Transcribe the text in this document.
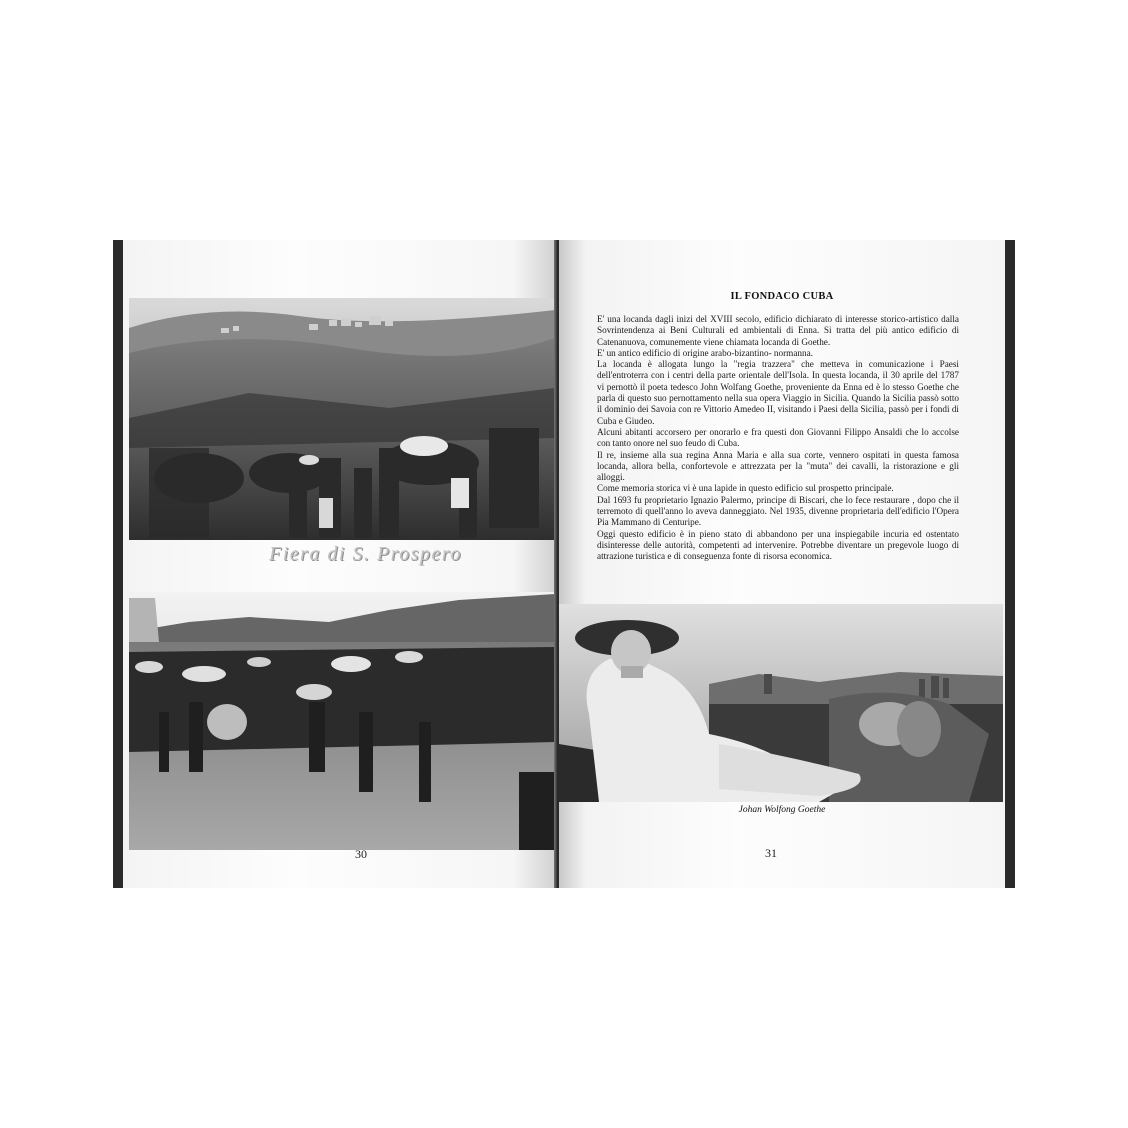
Fiera di S. Prospero
30
IL FONDACO CUBA

E' una locanda dagli inizi del XVIII secolo, edificio dichiarato di interesse storico-artistico dalla Sovrintendenza ai Beni Culturali ed ambientali di Enna. Si tratta del più antico edificio di Catenanuova, comunemente viene chiamata locanda di Goethe.

E' un antico edificio di origine arabo-bizantino- normanna.

La locanda è allogata lungo la "regia trazzera" che metteva in comunicazione i Paesi dell'entroterra con i centri della parte orientale dell'Isola. In questa locanda, il 30 aprile del 1787 vi pernottò il poeta tedesco John Wolfang Goethe, proveniente da Enna ed è lo stesso Goethe che parla di questo suo pernottamento nella sua opera Viaggio in Sicilia. Quando la Sicilia passò sotto il dominio dei Savoia con re Vittorio Amedeo II, visitando i Paesi della Sicilia, passò per i fondi di Cuba e Giudeo.

Alcuni abitanti accorsero per onorarlo e fra questi don Giovanni Filippo Ansaldi che lo accolse con tanto onore nel suo feudo di Cuba.

Il re, insieme alla sua regina Anna Maria e alla sua corte, vennero ospitati in questa famosa locanda, allora bella, confortevole e attrezzata per la "muta" dei cavalli, la ristorazione e gli alloggi.

Come memoria storica vi è una lapide in questo edificio sul prospetto principale.

Dal 1693 fu proprietario Ignazio Palermo, principe di Biscari, che lo fece restaurare , dopo che il terremoto di quell'anno lo aveva danneggiato. Nel 1935, divenne proprietaria dell'edificio l'Opera Pia Mammano di Centuripe.

Oggi questo edificio è in pieno stato di abbandono per una inspiegabile incuria ed ostentato disinteresse delle autorità, competenti ad intervenire. Potrebbe diventare un pregevole luogo di attrazione turistica e di conseguenza fonte di risorsa economica.

Johan Wolfong Goethe
31
